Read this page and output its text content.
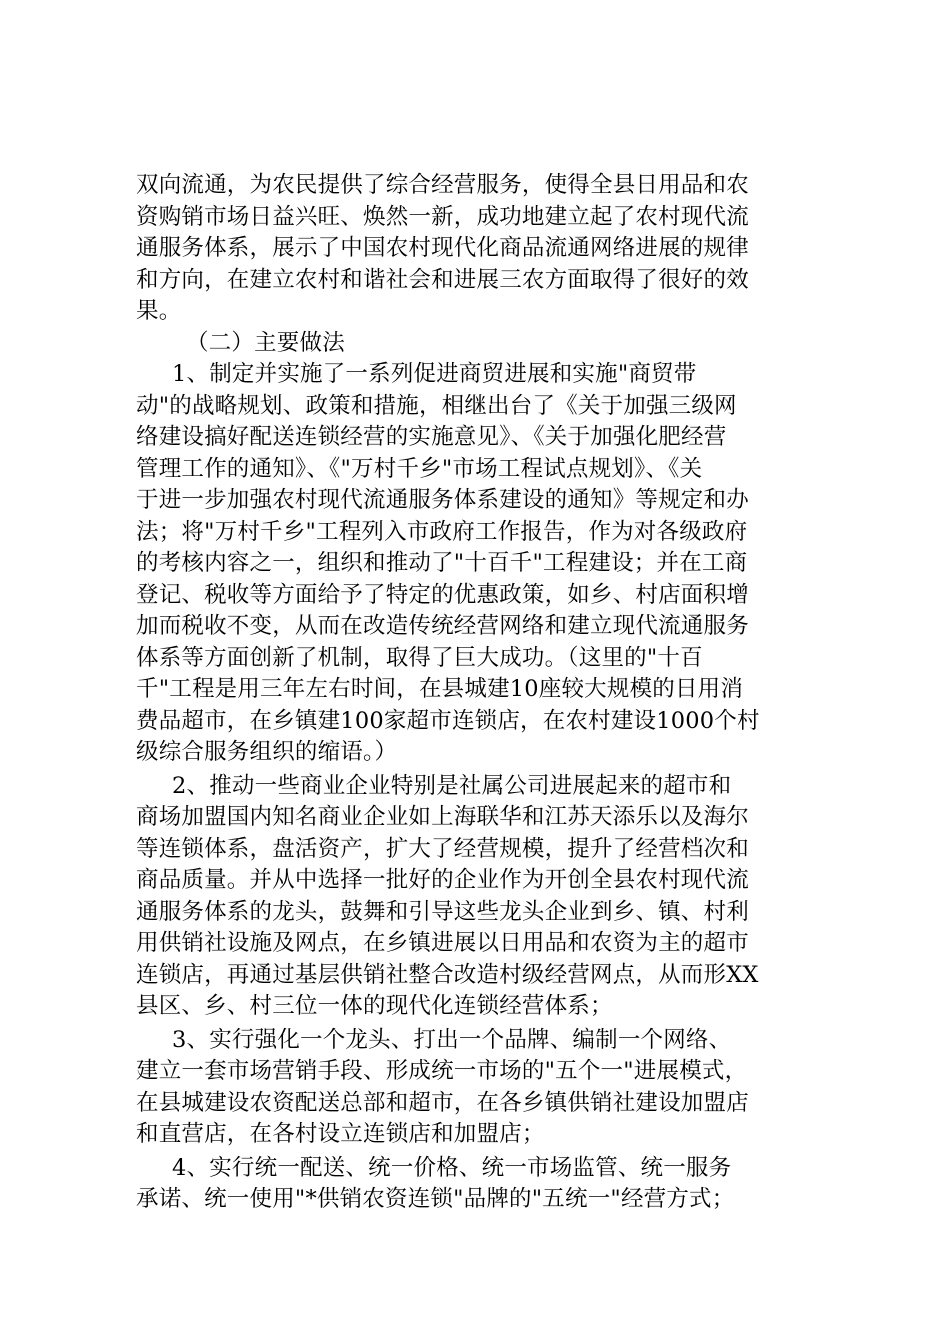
双向流通，为农民提供了综合经营服务，使得全县日用品和农
资购销市场日益兴旺、焕然一新，成功地建立起了农村现代流
通服务体系，展示了中国农村现代化商品流通网络进展的规律
和方向，在建立农村和谐社会和进展三农方面取得了很好的效
果。
（二）主要做法
1、制定并实施了一系列促进商贸进展和实施"商贸带
动"的战略规划、政策和措施，相继出台了《关于加强三级网
络建设搞好配送连锁经营的实施意见》、《关于加强化肥经营
管理工作的通知》、《"万村千乡"市场工程试点规划》、《关
于进一步加强农村现代流通服务体系建设的通知》等规定和办
法；将"万村千乡"工程列入市政府工作报告，作为对各级政府
的考核内容之一，组织和推动了"十百千"工程建设；并在工商
登记、税收等方面给予了特定的优惠政策，如乡、村店面积增
加而税收不变，从而在改造传统经营网络和建立现代流通服务
体系等方面创新了机制，取得了巨大成功。（这里的"十百
千"工程是用三年左右时间，在县城建10座较大规模的日用消
费品超市，在乡镇建100家超市连锁店，在农村建设1000个村
级综合服务组织的缩语。）
2、推动一些商业企业特别是社属公司进展起来的超市和
商场加盟国内知名商业企业如上海联华和江苏天添乐以及海尔
等连锁体系，盘活资产，扩大了经营规模，提升了经营档次和
商品质量。并从中选择一批好的企业作为开创全县农村现代流
通服务体系的龙头，鼓舞和引导这些龙头企业到乡、镇、村利
用供销社设施及网点，在乡镇进展以日用品和农资为主的超市
连锁店，再通过基层供销社整合改造村级经营网点，从而形XX
县区、乡、村三位一体的现代化连锁经营体系；
3、实行强化一个龙头、打出一个品牌、编制一个网络、
建立一套市场营销手段、形成统一市场的"五个一"进展模式，
在县城建设农资配送总部和超市，在各乡镇供销社建设加盟店
和直营店，在各村设立连锁店和加盟店；
4、实行统一配送、统一价格、统一市场监管、统一服务
承诺、统一使用"*供销农资连锁"品牌的"五统一"经营方式；
